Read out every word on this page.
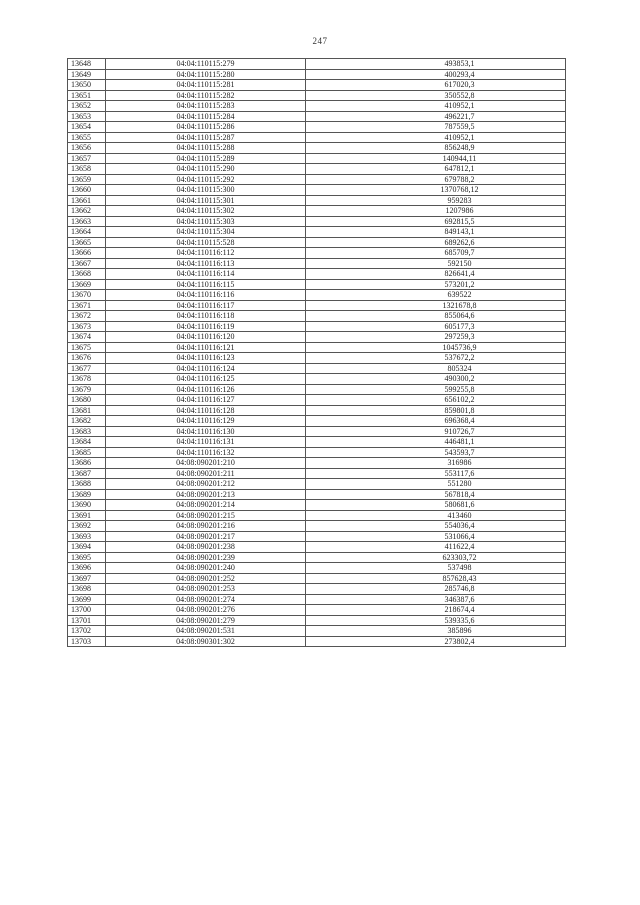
247
13648	04:04:110115:279	493853,1
13649	04:04:110115:280	400293,4
13650	04:04:110115:281	617020,3
13651	04:04:110115:282	350552,8
13652	04:04:110115:283	410952,1
13653	04:04:110115:284	496221,7
13654	04:04:110115:286	787559,5
13655	04:04:110115:287	410952,1
13656	04:04:110115:288	856248,9
13657	04:04:110115:289	140944,11
13658	04:04:110115:290	647812,1
13659	04:04:110115:292	679788,2
13660	04:04:110115:300	1370768,12
13661	04:04:110115:301	959283
13662	04:04:110115:302	1207986
13663	04:04:110115:303	692815,5
13664	04:04:110115:304	849143,1
13665	04:04:110115:528	689262,6
13666	04:04:110116:112	685709,7
13667	04:04:110116:113	592150
13668	04:04:110116:114	826641,4
13669	04:04:110116:115	573201,2
13670	04:04:110116:116	639522
13671	04:04:110116:117	1321678,8
13672	04:04:110116:118	855064,6
13673	04:04:110116:119	605177,3
13674	04:04:110116:120	297259,3
13675	04:04:110116:121	1045736,9
13676	04:04:110116:123	537672,2
13677	04:04:110116:124	805324
13678	04:04:110116:125	490300,2
13679	04:04:110116:126	599255,8
13680	04:04:110116:127	656102,2
13681	04:04:110116:128	859801,8
13682	04:04:110116:129	696368,4
13683	04:04:110116:130	910726,7
13684	04:04:110116:131	446481,1
13685	04:04:110116:132	543593,7
13686	04:08:090201:210	316986
13687	04:08:090201:211	553117,6
13688	04:08:090201:212	551280
13689	04:08:090201:213	567818,4
13690	04:08:090201:214	580681,6
13691	04:08:090201:215	413460
13692	04:08:090201:216	554036,4
13693	04:08:090201:217	531066,4
13694	04:08:090201:238	411622,4
13695	04:08:090201:239	623303,72
13696	04:08:090201:240	537498
13697	04:08:090201:252	857628,43
13698	04:08:090201:253	285746,8
13699	04:08:090201:274	346387,6
13700	04:08:090201:276	218674,4
13701	04:08:090201:279	539335,6
13702	04:08:090201:531	385896
13703	04:08:090301:302	273802,4
